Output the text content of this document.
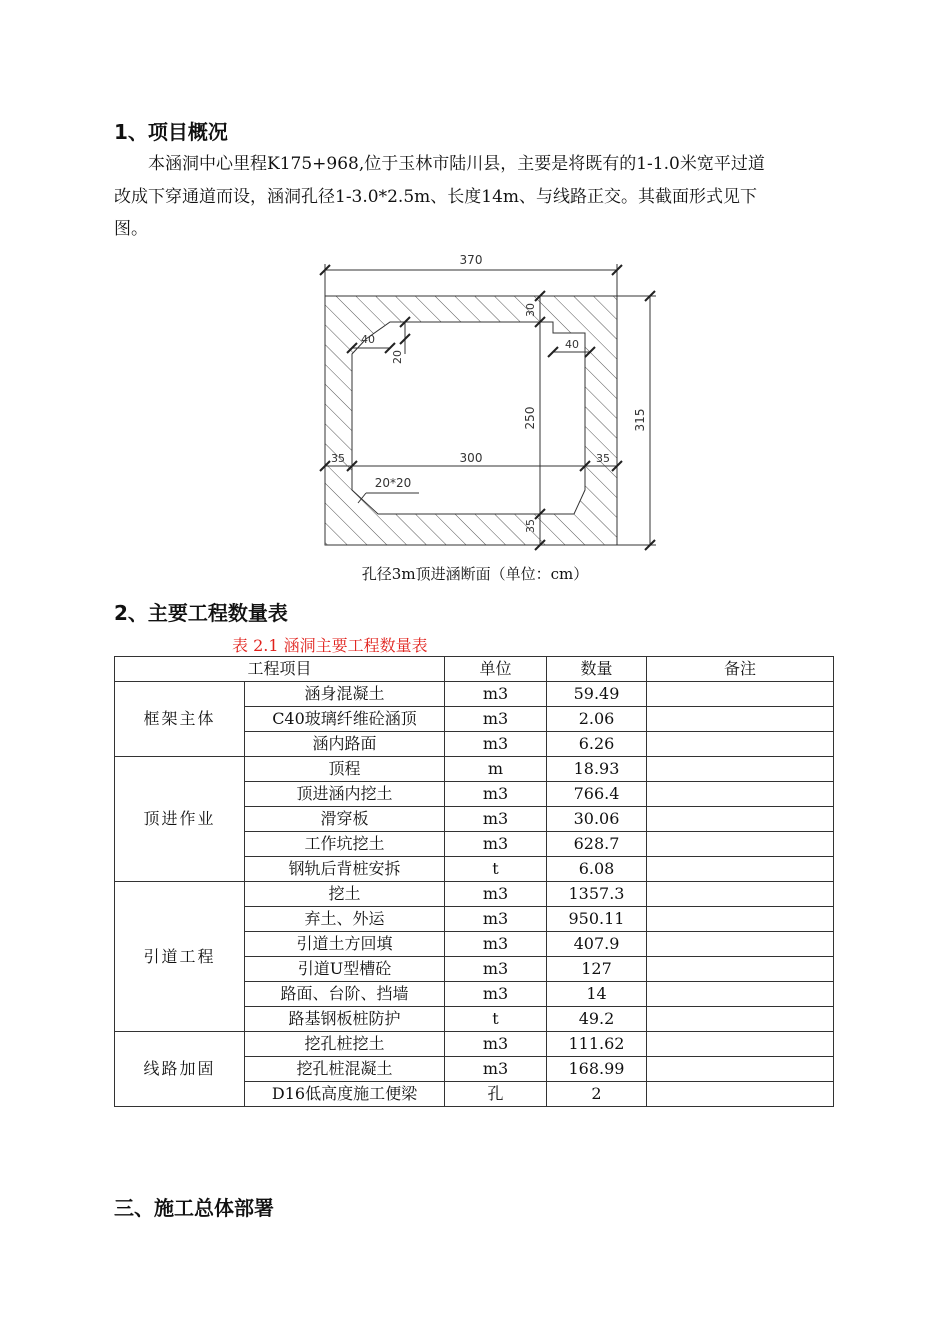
1、项目概况
本涵洞中心里程K175+968,位于玉林市陆川县，主要是将既有的1-1.0米宽平过道
改成下穿通道而设，涵洞孔径1-3.0*2.5m、长度14m、与线路正交。其截面形式见下
图。
370
315
30
250
35
40
20
40
35	300	35
20*20
孔径3m顶进涵断面（单位：cm）
2、主要工程数量表
表 2.1 涵洞主要工程数量表
工程项目		单位	数量	备注
框架主体	涵身混凝土	m3	59.49	
	C40玻璃纤维砼涵顶	m3	2.06	
	涵内路面	m3	6.26	
顶进作业	顶程	m	18.93	
	顶进涵内挖土	m3	766.4	
	滑穿板	m3	30.06	
	工作坑挖土	m3	628.7	
	钢轨后背桩安拆	t	6.08	
引道工程	挖土	m3	1357.3	
	弃土、外运	m3	950.11	
	引道土方回填	m3	407.9	
	引道U型槽砼	m3	127	
	路面、台阶、挡墙	m3	14	
	路基钢板桩防护	t	49.2	
线路加固	挖孔桩挖土	m3	111.62	
	挖孔桩混凝土	m3	168.99	
	D16低高度施工便梁	孔	2	
三、施工总体部署
